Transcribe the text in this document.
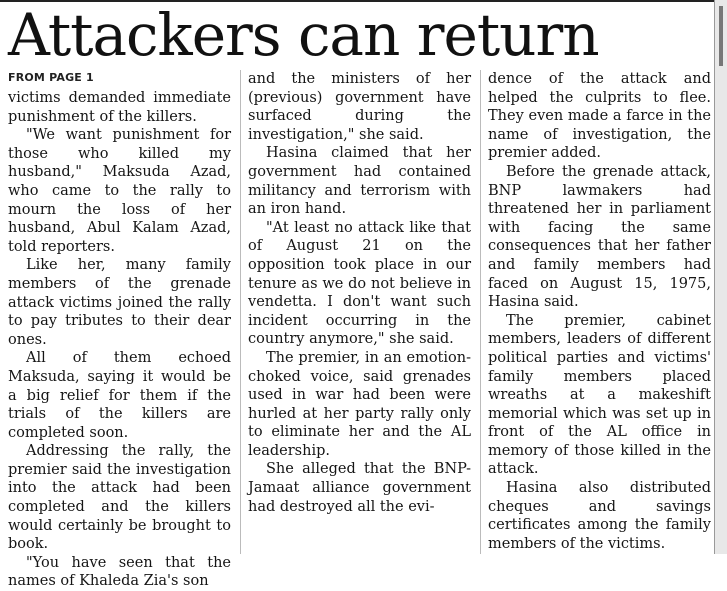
Attackers can return
FROM PAGE 1

victims demanded immediate punishment of the killers.

"We want punishment for those who killed my husband," Maksuda Azad, who came to the rally to mourn the loss of her husband, Abul Kalam Azad, told reporters.

Like her, many family members of the grenade attack victims joined the rally to pay tributes to their dear ones.

All of them echoed Maksuda, saying it would be a big relief for them if the trials of the killers are completed soon.

Addressing the rally, the premier said the investigation into the attack had been completed and the killers would certainly be brought to book.

"You have seen that the names of Khaleda Zia's son

and the ministers of her (previous) government have surfaced during the investigation," she said.

Hasina claimed that her government had contained militancy and terrorism with an iron hand.

"At least no attack like that of August 21 on the opposition took place in our tenure as we do not believe in vendetta. I don't want such incident occurring in the country anymore," she said.

The premier, in an emotion-choked voice, said grenades used in war had been were hurled at her party rally only to eliminate her and the AL leadership.

She alleged that the BNP-Jamaat alliance government had destroyed all the evi-

dence of the attack and helped the culprits to flee. They even made a farce in the name of investigation, the premier added.

Before the grenade attack, BNP lawmakers had threatened her in parliament with facing the same consequences that her father and family members had faced on August 15, 1975, Hasina said.

The premier, cabinet members, leaders of different political parties and victims' family members placed wreaths at a makeshift memorial which was set up in front of the AL office in memory of those killed in the attack.

Hasina also distributed cheques and savings certificates among the family members of the victims.
